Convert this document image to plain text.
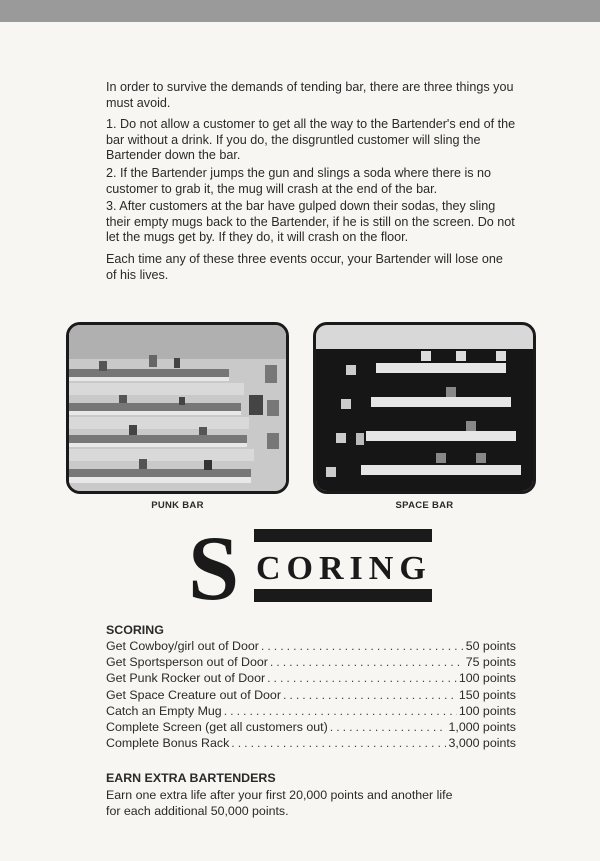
In order to survive the demands of tending bar, there are three things you must avoid.

1. Do not allow a customer to get all the way to the Bartender's end of the bar without a drink. If you do, the disgruntled customer will sling the Bartender down the bar.

2. If the Bartender jumps the gun and slings a soda where there is no customer to grab it, the mug will crash at the end of the bar.

3. After customers at the bar have gulped down their sodas, they sling their empty mugs back to the Bartender, if he is still on the screen. Do not let the mugs get by. If they do, it will crash on the floor.

Each time any of these three events occur, your Bartender will lose one of his lives.

PUNK BAR	SPACE BAR
S CORING
SCORING
Get Cowboy/girl out of Door .....	50 points
Get Sportsperson out of Door .....	75 points
Get Punk Rocker out of Door .....	100 points
Get Space Creature out of Door .....	150 points
Catch an Empty Mug .....	100 points
Complete Screen (get all customers out) .....	1,000 points
Complete Bonus Rack .....	3,000 points
EARN EXTRA BARTENDERS

Earn one extra life after your first 20,000 points and another life for each additional 50,000 points.
